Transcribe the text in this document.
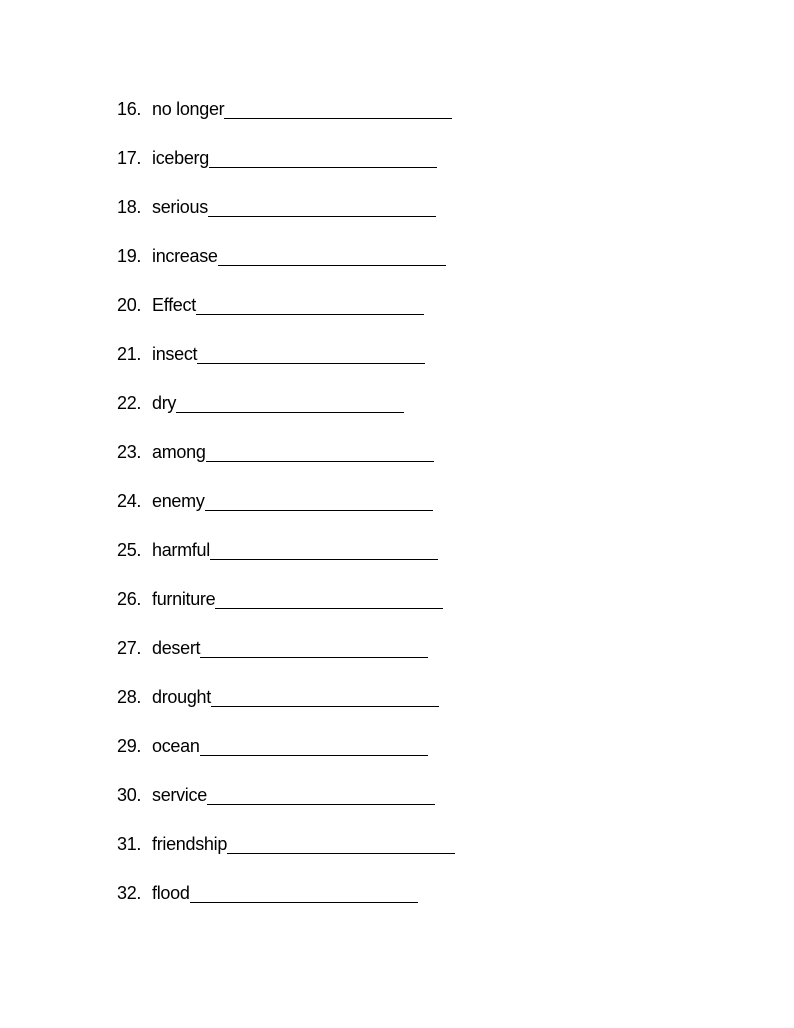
16. no longer
17. iceberg
18. serious
19. increase
20. Effect
21. insect
22. dry
23. among
24. enemy
25. harmful
26. furniture
27. desert
28. drought
29. ocean
30. service
31. friendship
32. flood
